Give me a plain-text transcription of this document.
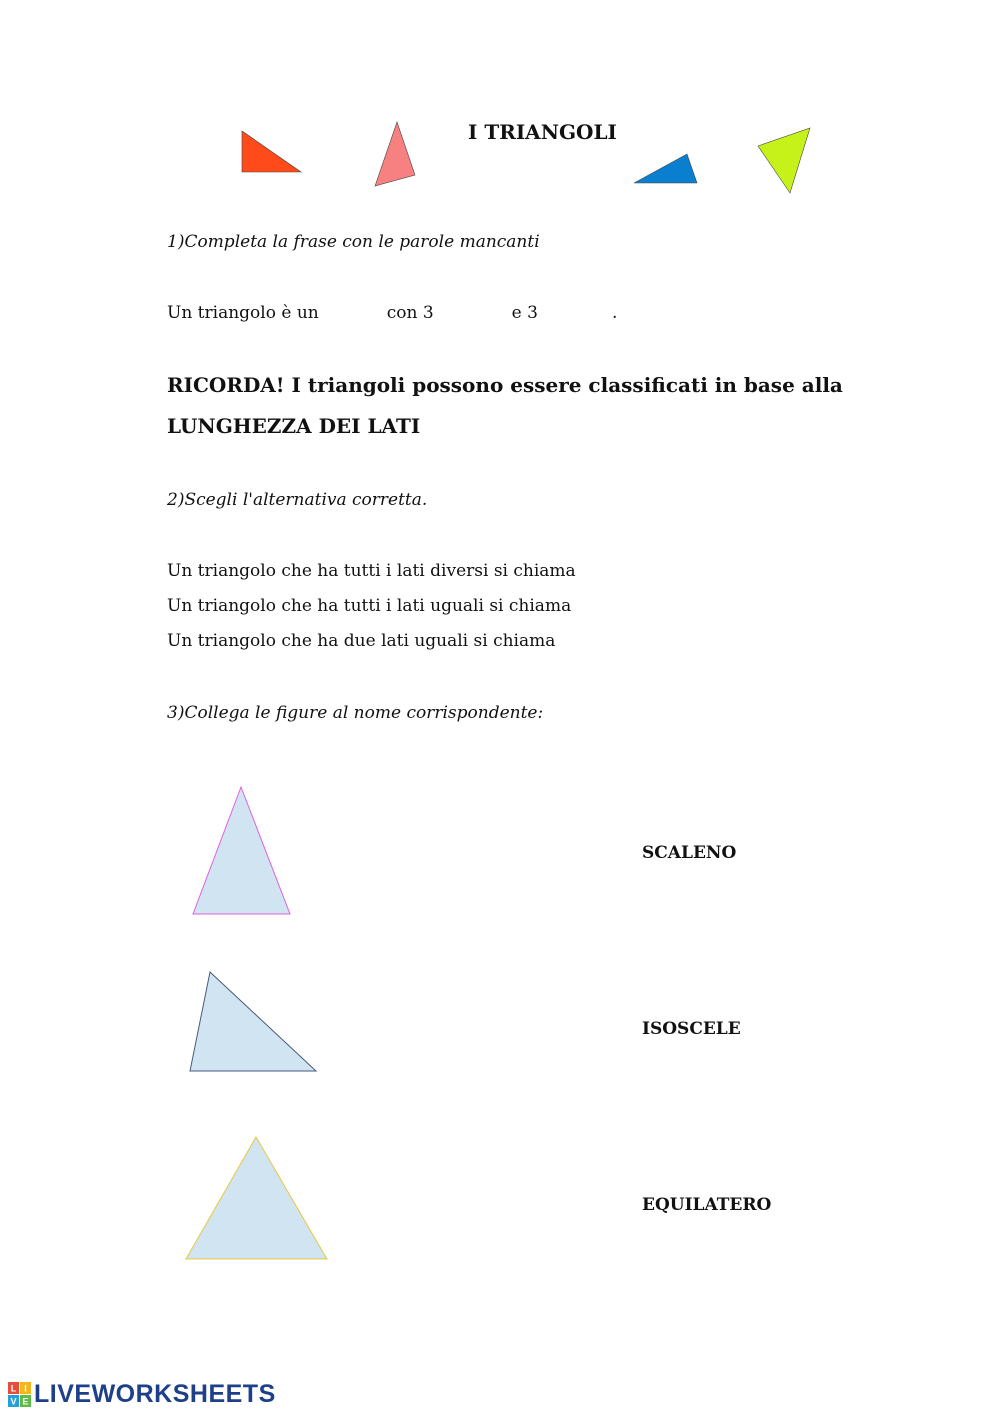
I TRIANGOLI

1)Completa la frase con le parole mancanti

Un triangolo è un	con 3	e 3	.

RICORDA! I triangoli possono essere classificati in base alla

LUNGHEZZA DEI LATI

2)Scegli l'alternativa corretta.

Un triangolo che ha tutti i lati diversi si chiama

Un triangolo che ha tutti i lati uguali si chiama

Un triangolo che ha due lati uguali si chiama

3)Collega le figure al nome corrispondente:

SCALENO

ISOSCELE

EQUILATERO

L I
V E LIVEWORKSHEETS
